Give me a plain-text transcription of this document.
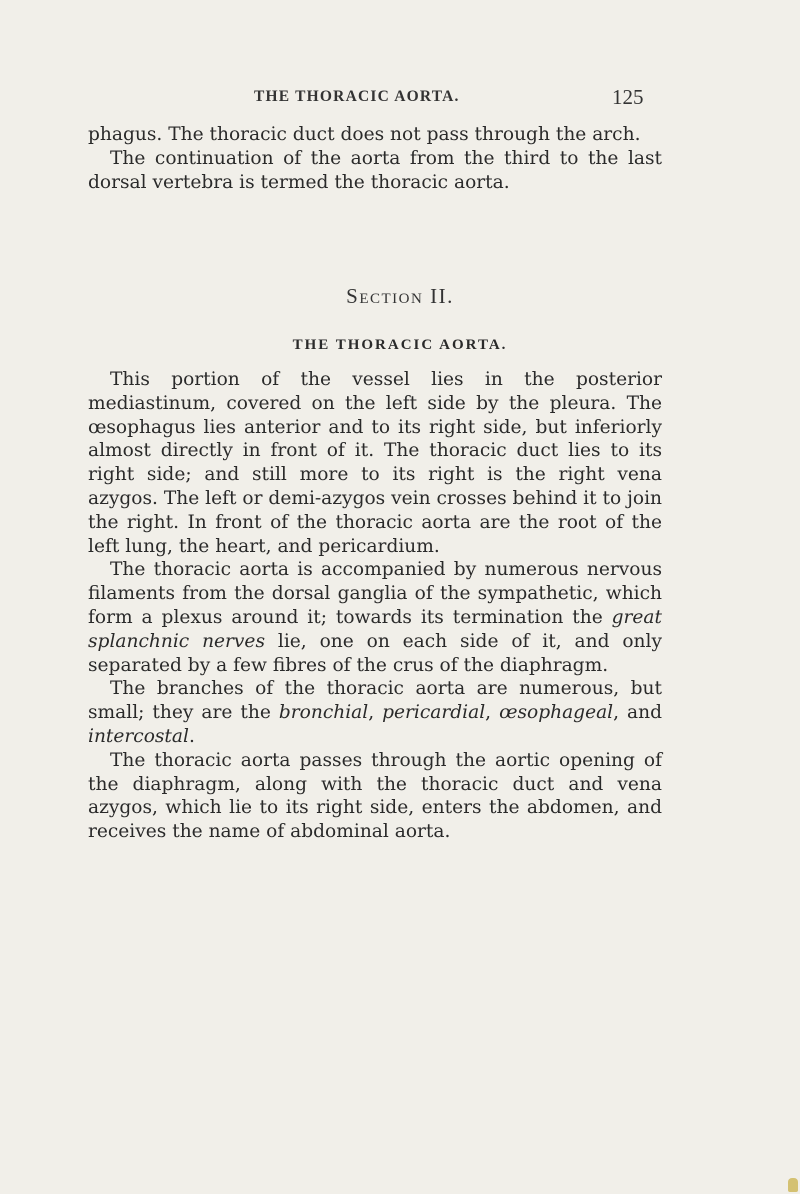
THE THORACIC AORTA.	125

phagus. The thoracic duct does not pass through the arch.

The continuation of the aorta from the third to the last dorsal vertebra is termed the thoracic aorta.

Section II.
THE THORACIC AORTA.

This portion of the vessel lies in the posterior mediastinum, covered on the left side by the pleura. The œsophagus lies anterior and to its right side, but inferiorly almost directly in front of it. The thoracic duct lies to its right side; and still more to its right is the right vena azygos. The left or demi-azygos vein crosses behind it to join the right. In front of the thoracic aorta are the root of the left lung, the heart, and pericardium.

The thoracic aorta is accompanied by numerous nervous filaments from the dorsal ganglia of the sympathetic, which form a plexus around it; towards its termination the great splanchnic nerves lie, one on each side of it, and only separated by a few fibres of the crus of the diaphragm.

The branches of the thoracic aorta are numerous, but small; they are the bronchial, pericardial, œsophageal, and intercostal.

The thoracic aorta passes through the aortic opening of the diaphragm, along with the thoracic duct and vena azygos, which lie to its right side, enters the abdomen, and receives the name of abdominal aorta.
